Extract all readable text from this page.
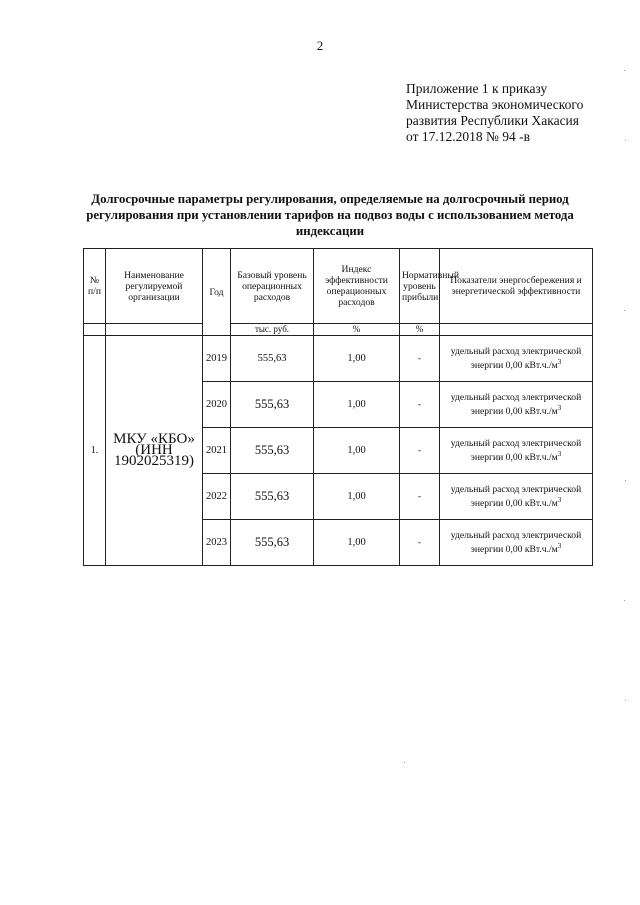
2
Приложение 1 к приказу
Министерства экономического
развития Республики Хакасия
от 17.12.2018 № 94 -в
Долгосрочные параметры регулирования, определяемые на долгосрочный период
регулирования при установлении тарифов на подвоз воды с использованием метода
индексации
№ п/п	Наименование регулируемой организации	Год	Базовый уровень операционных расходов	Индекс эффективности операционных расходов	Нормативный уровень прибыли	Показатели энергосбережения и энергетической эффективности
			тыс. руб.	%	%	
1.	МКУ «КБО» (ИНН 1902025319)	2019	555,63	1,00	-	удельный расход электрической энергии 0,00 $кВт.ч./м^3$
		2020	555,63	1,00	-	удельный расход электрической энергии 0,00 $кВт.ч./м^3$
		2021	555,63	1,00	-	удельный расход электрической энергии 0,00 $кВт.ч./м^3$
		2022	555,63	1,00	-	удельный расход электрической энергии 0,00 $кВт.ч./м^3$
		2023	555,63	1,00	-	удельный расход электрической энергии 0,00 $кВт.ч./м^3$
